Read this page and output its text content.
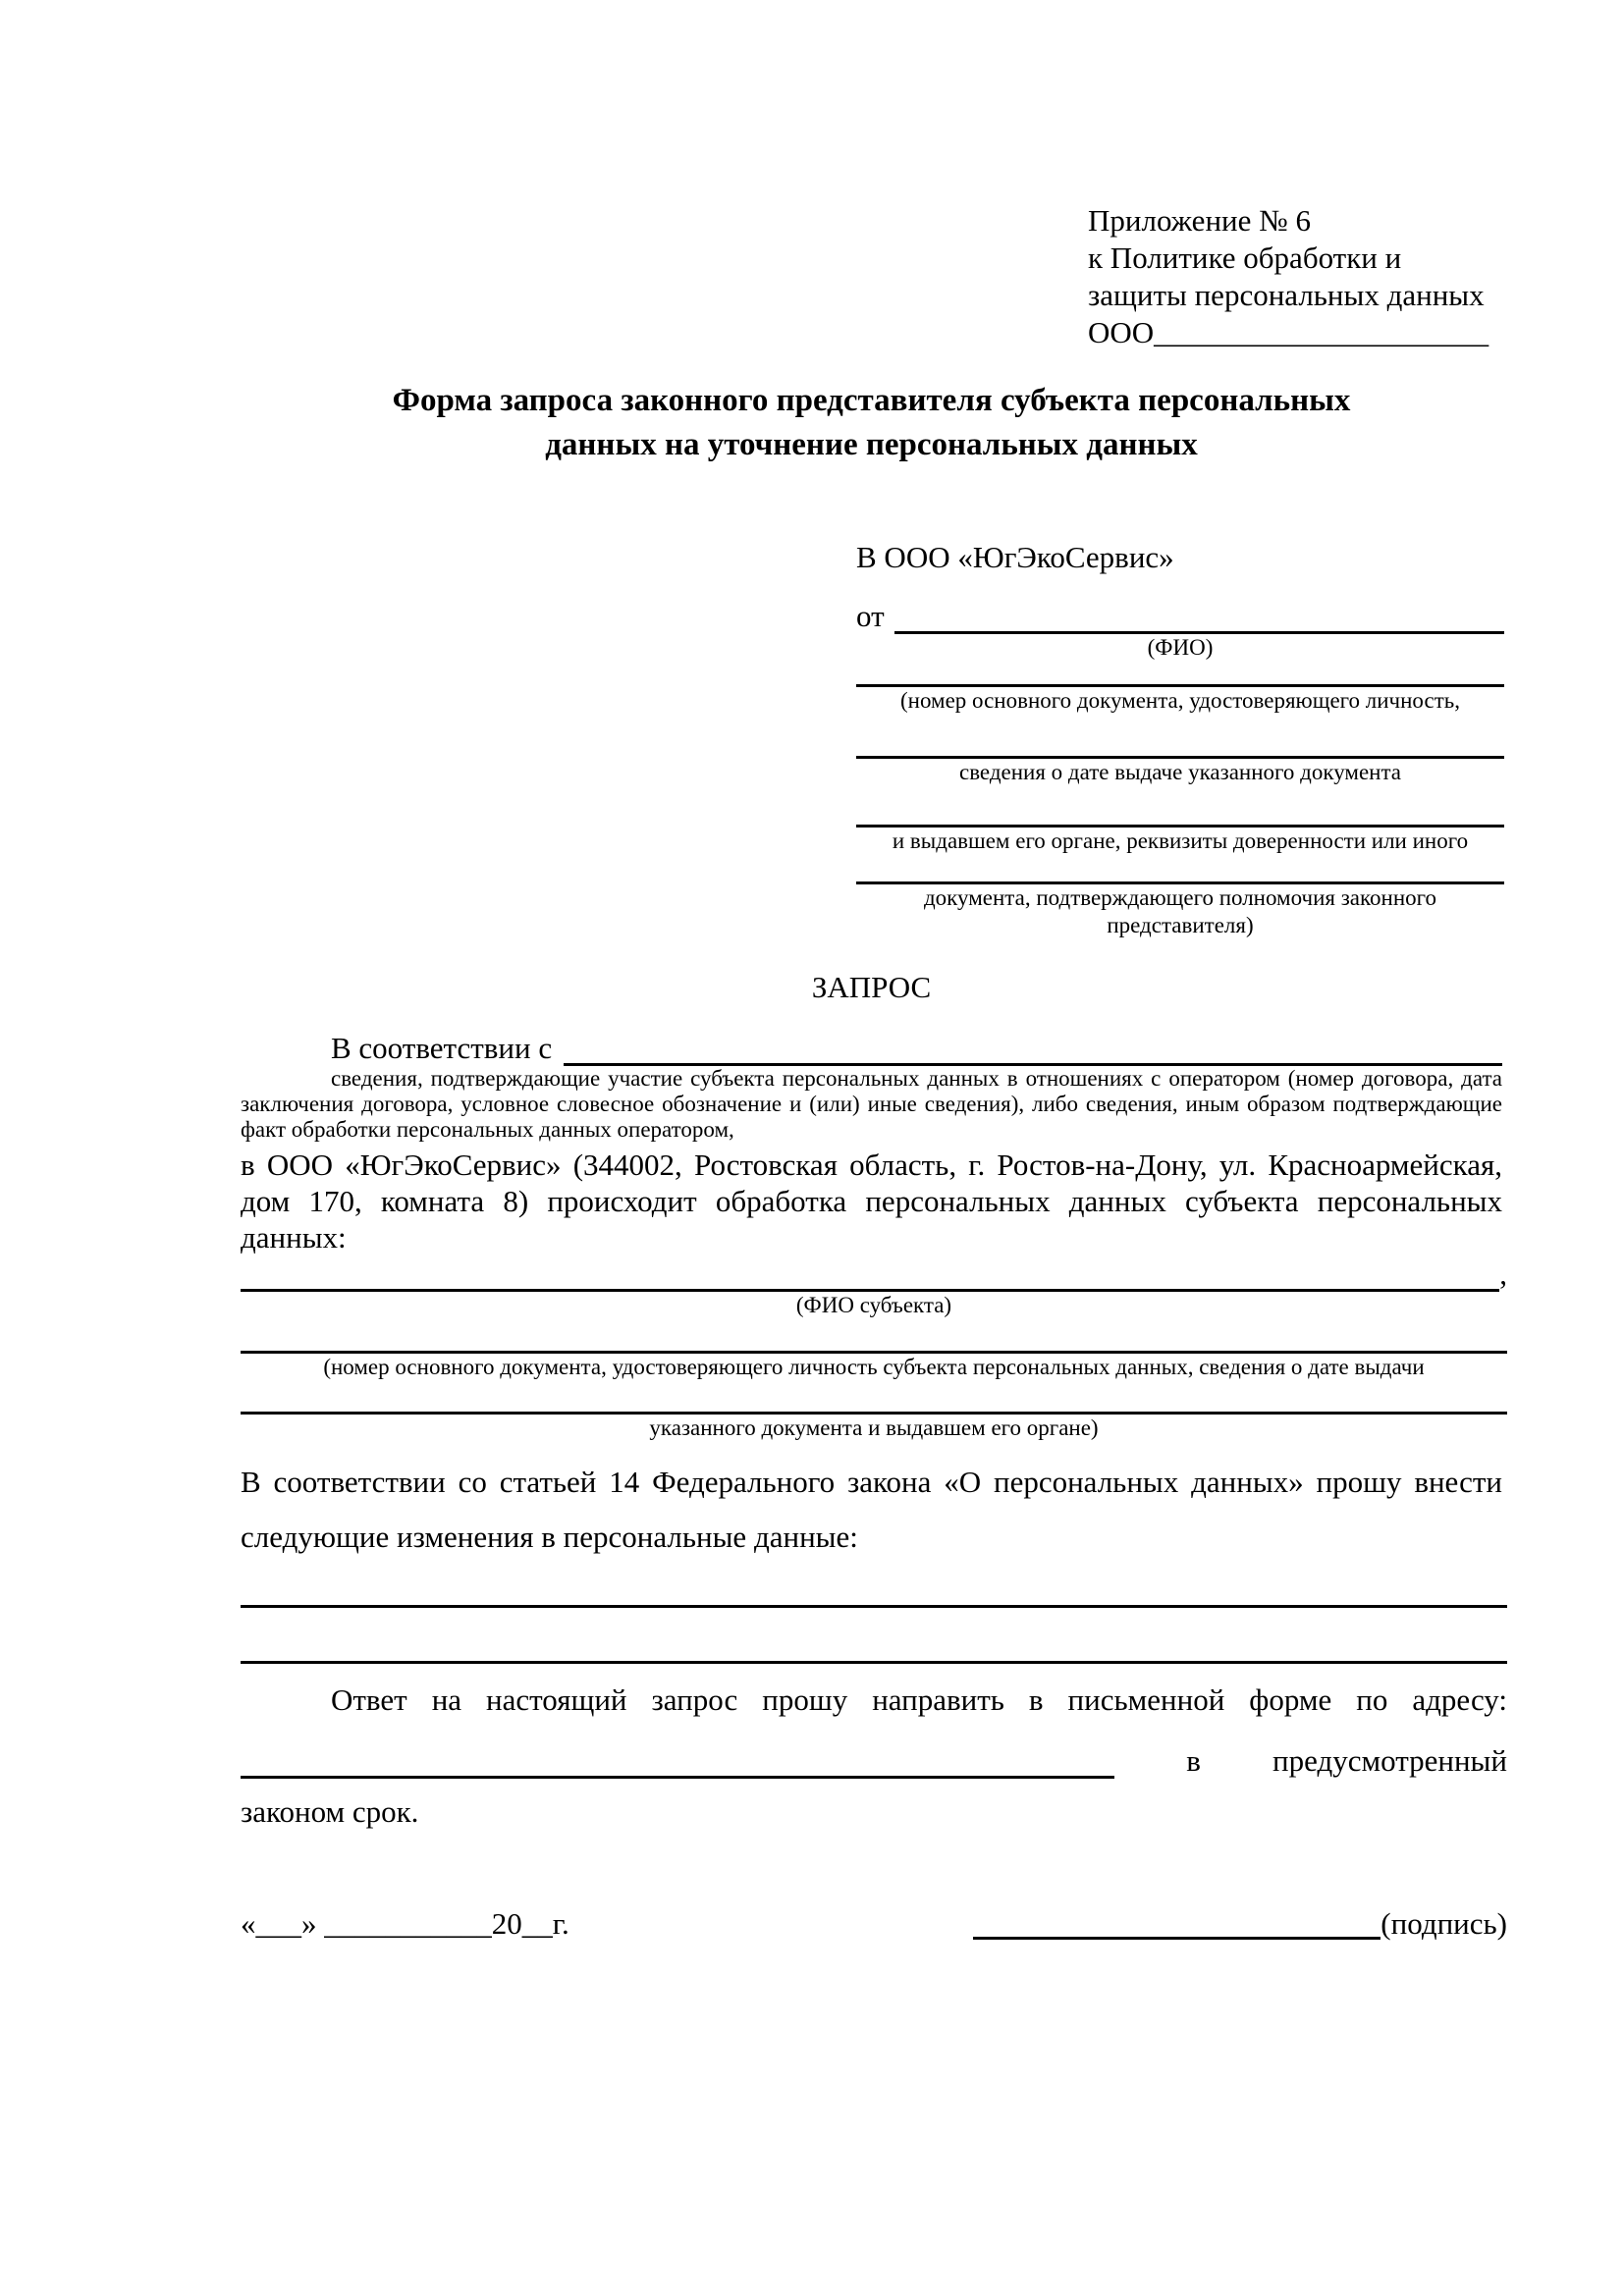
Приложение № 6
к Политике обработки и
защиты персональных данных
ООО______________________
Форма запроса законного представителя субъекта персональных
данных на уточнение персональных данных
В ООО «ЮгЭкоСервис»
от
(ФИО)
(номер основного документа, удостоверяющего личность,
сведения о дате выдаче указанного документа
и выдавшем его органе, реквизиты доверенности или иного
документа, подтверждающего полномочия законного представителя)
ЗАПРОС
В соответствии с
сведения, подтверждающие участие субъекта персональных данных в отношениях с оператором (номер договора, дата заключения договора, условное словесное обозначение и (или) иные сведения), либо сведения, иным образом подтверждающие факт обработки персональных данных оператором,
в ООО «ЮгЭкоСервис» (344002, Ростовская область, г. Ростов-на-Дону, ул. Красноармейская, дом 170, комната 8) происходит обработка персональных данных субъекта персональных данных:
,
(ФИО субъекта)
(номер основного документа, удостоверяющего личность субъекта персональных данных, сведения о дате выдачи
указанного документа и выдавшем его органе)
В соответствии со статьей 14 Федерального закона «О персональных данных» прошу внести следующие изменения в персональные данные:
Ответ на настоящий запрос прошу направить в письменной форме по адресу:
в предусмотренный
законом срок.
«___» ___________20__г.	(подпись)
